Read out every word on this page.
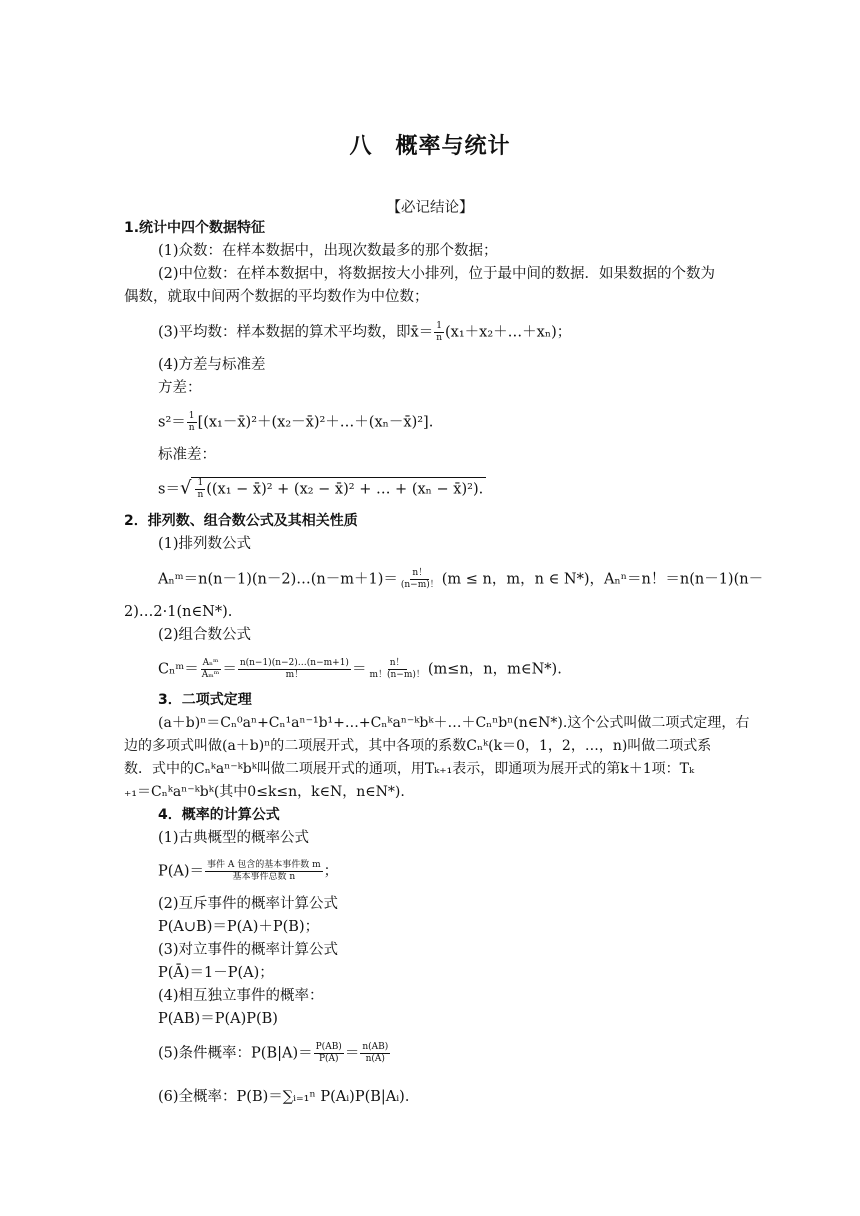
八　概率与统计
【必记结论】
1.统计中四个数据特征
(1)众数：在样本数据中，出现次数最多的那个数据；
(2)中位数：在样本数据中，将数据按大小排列，位于最中间的数据．如果数据的个数为
偶数，就取中间两个数据的平均数作为中位数；
(3)平均数：样本数据的算术平均数，即x̄＝ $\frac{1}{n}$ (x₁＋x₂＋…＋xₙ)；
(4)方差与标准差
方差：
$s^2= \frac{1}{n}$ [(x₁－x̄)²＋(x₂－x̄)²＋…＋(xₙ－x̄)²].
标准差：
$s=√ \frac{1}{n} ((x_1$ − x̄)² + (x₂ − x̄)² + … + (xₙ − x̄)²).
2．排列数、组合数公式及其相关性质
(1)排列数公式
Aₙᵐ＝n(n－1)(n－2)…(n－m＋1)＝ $\frac{n!}{(n-m)!} (m \le n$，m，n ∈ N*)，Aₙⁿ＝n！＝n(n－1)(n－
2)…2·1(n∈N*).
(2)组合数公式
Cₙᵐ＝ $\frac{\text{Aₙᵐ}}{\text{Aₘᵐ}} = \frac{n(n-1)(n-2)\dots(n-m+1)}{m!} = \frac{n!}{m!(n-m)!} (m\le n$，n，m∈N*).
3．二项式定理
(a＋b)ⁿ＝Cₙ⁰aⁿ+Cₙ¹aⁿ⁻¹b¹+…+Cₙᵏaⁿ⁻ᵏbᵏ＋…＋Cₙⁿbⁿ(n∈N*).这个公式叫做二项式定理，右
边的多项式叫做(a＋b)ⁿ的二项展开式，其中各项的系数Cₙᵏ(k＝0，1，2，…，n)叫做二项式系
数．式中的Cₙᵏaⁿ⁻ᵏbᵏ叫做二项展开式的通项，用Tₖ₊₁表示，即通项为展开式的第k＋1项：Tₖ
₊₁＝Cₙᵏaⁿ⁻ᵏbᵏ(其中0≤k≤n，k∈N，n∈N*).
4．概率的计算公式
(1)古典概型的概率公式
$P(A)= \frac{\text{事件 A 包含的基本事件数 m}}{\text{基本事件总数 n}}$ ；
(2)互斥事件的概率计算公式
P(A∪B)＝P(A)＋P(B)；
(3)对立事件的概率计算公式
P(Ā)＝1－P(A)；
(4)相互独立事件的概率：
P(AB)＝P(A)P(B)
(5)条件概率：$P(B|A)= \frac{P(AB)}{P(A)} = \frac{n(AB)}{n(A)}$
(6)全概率：P(B)＝∑ᵢ₌₁ⁿ P(Aᵢ)P(B|Aᵢ)．
